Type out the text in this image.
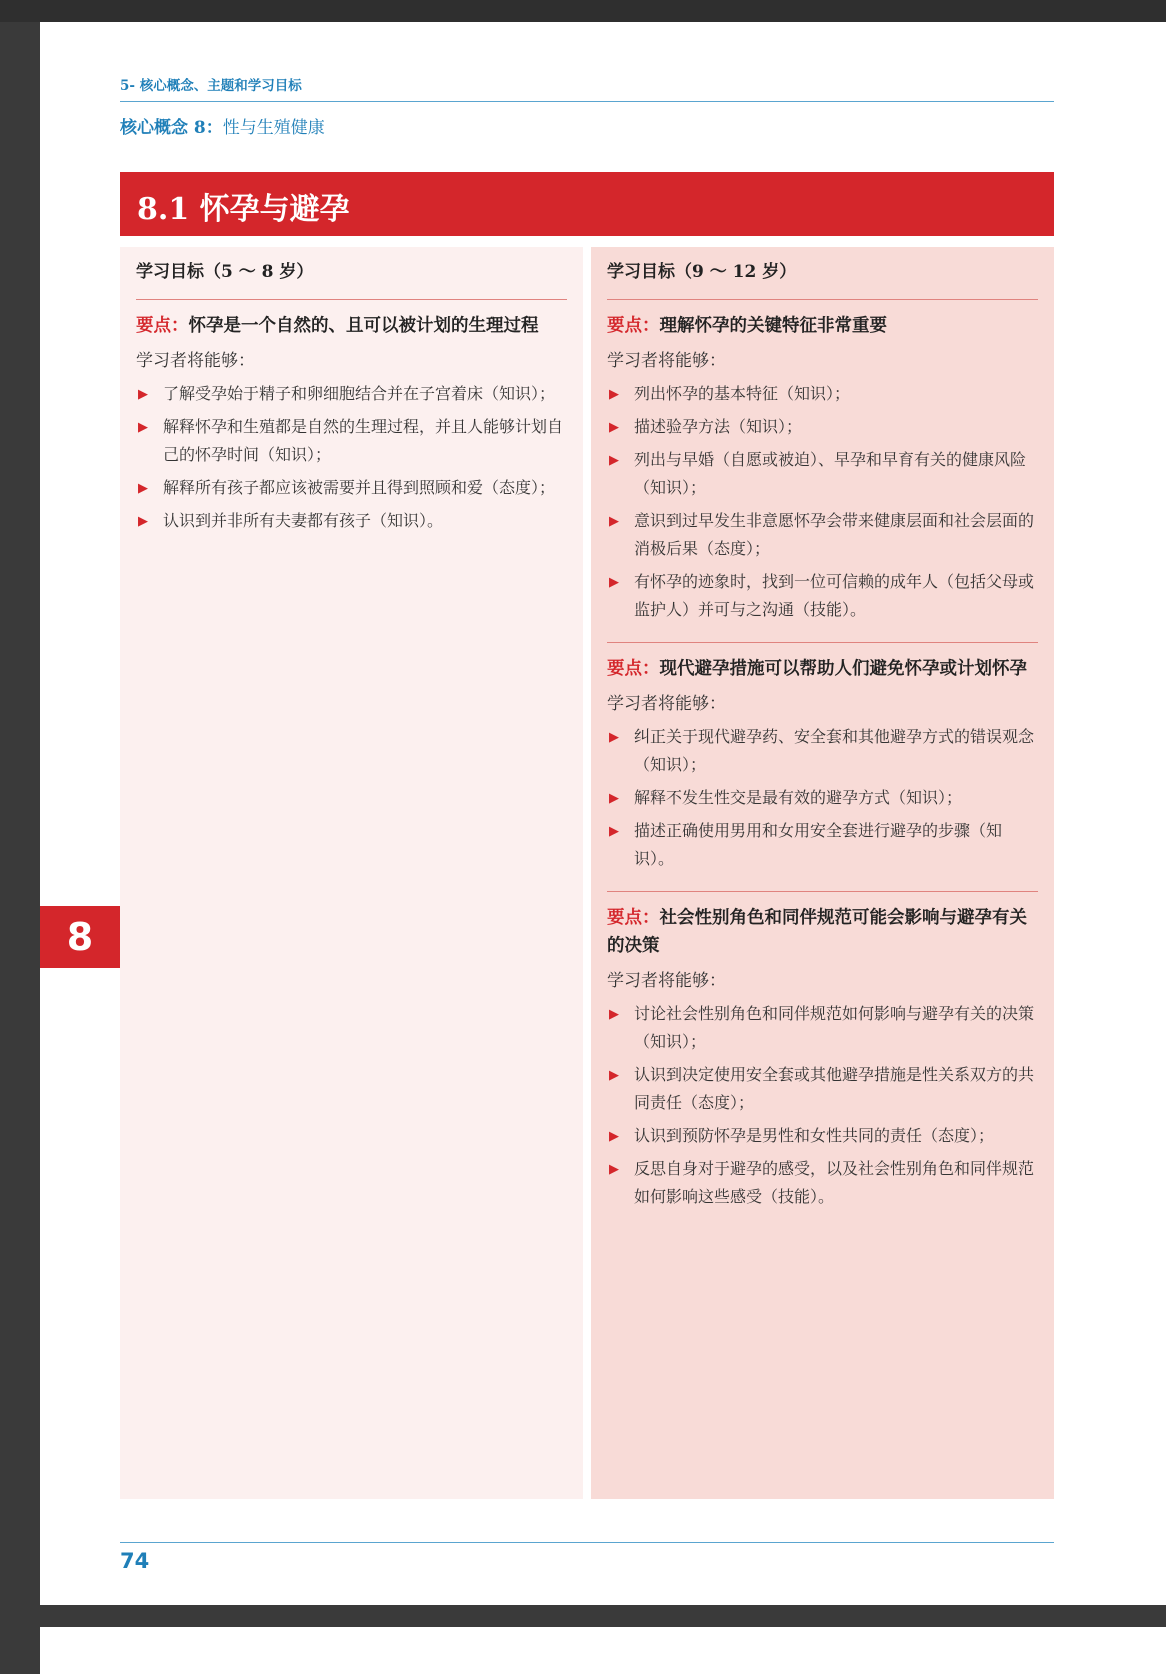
5- 核心概念、主题和学习目标
核心概念 8：性与生殖健康
8.1 怀孕与避孕
学习目标（5 ～ 8 岁）
要点：怀孕是一个自然的、且可以被计划的生理过程
学习者将能够：
▶ 了解受孕始于精子和卵细胞结合并在子宫着床（知识）；
▶ 解释怀孕和生殖都是自然的生理过程，并且人能够计划自己的怀孕时间（知识）；
▶ 解释所有孩子都应该被需要并且得到照顾和爱（态度）；
▶ 认识到并非所有夫妻都有孩子（知识）。
学习目标（9 ～ 12 岁）
要点：理解怀孕的关键特征非常重要
学习者将能够：
▶ 列出怀孕的基本特征（知识）；
▶ 描述验孕方法（知识）；
▶ 列出与早婚（自愿或被迫）、早孕和早育有关的健康风险（知识）；
▶ 意识到过早发生非意愿怀孕会带来健康层面和社会层面的消极后果（态度）；
▶ 有怀孕的迹象时，找到一位可信赖的成年人（包括父母或监护人）并可与之沟通（技能）。
要点：现代避孕措施可以帮助人们避免怀孕或计划怀孕
学习者将能够：
▶ 纠正关于现代避孕药、安全套和其他避孕方式的错误观念（知识）；
▶ 解释不发生性交是最有效的避孕方式（知识）；
▶ 描述正确使用男用和女用安全套进行避孕的步骤（知识）。
要点：社会性别角色和同伴规范可能会影响与避孕有关的决策
学习者将能够：
▶ 讨论社会性别角色和同伴规范如何影响与避孕有关的决策（知识）；
▶ 认识到决定使用安全套或其他避孕措施是性关系双方的共同责任（态度）；
▶ 认识到预防怀孕是男性和女性共同的责任（态度）；
▶ 反思自身对于避孕的感受，以及社会性别角色和同伴规范如何影响这些感受（技能）。
74
8
